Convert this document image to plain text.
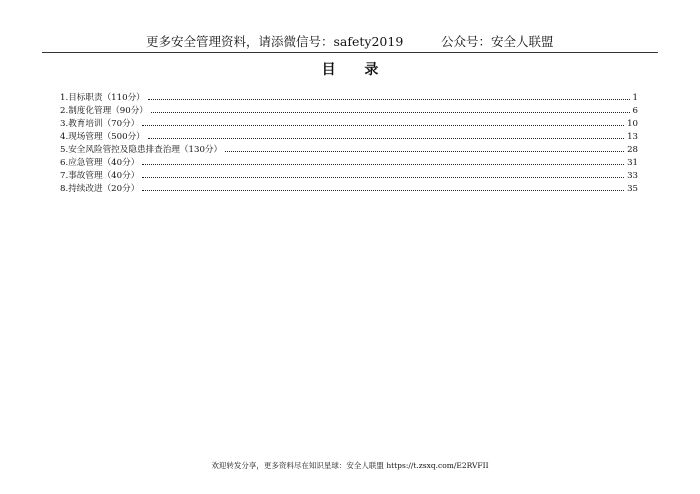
更多安全管理资料，请添微信号：safety2019	公众号：安全人联盟
目 录
1.目标职责（110分）	1
2.制度化管理（90分）	6
3.教育培训（70分）	10
4.现场管理（500分）	13
5.安全风险管控及隐患排查治理（130分）	28
6.应急管理（40分）	31
7.事故管理（40分）	33
8.持续改进（20分）	35
欢迎转发分享，更多资料尽在知识星球：安全人联盟 https://t.zsxq.com/E2RVFII
